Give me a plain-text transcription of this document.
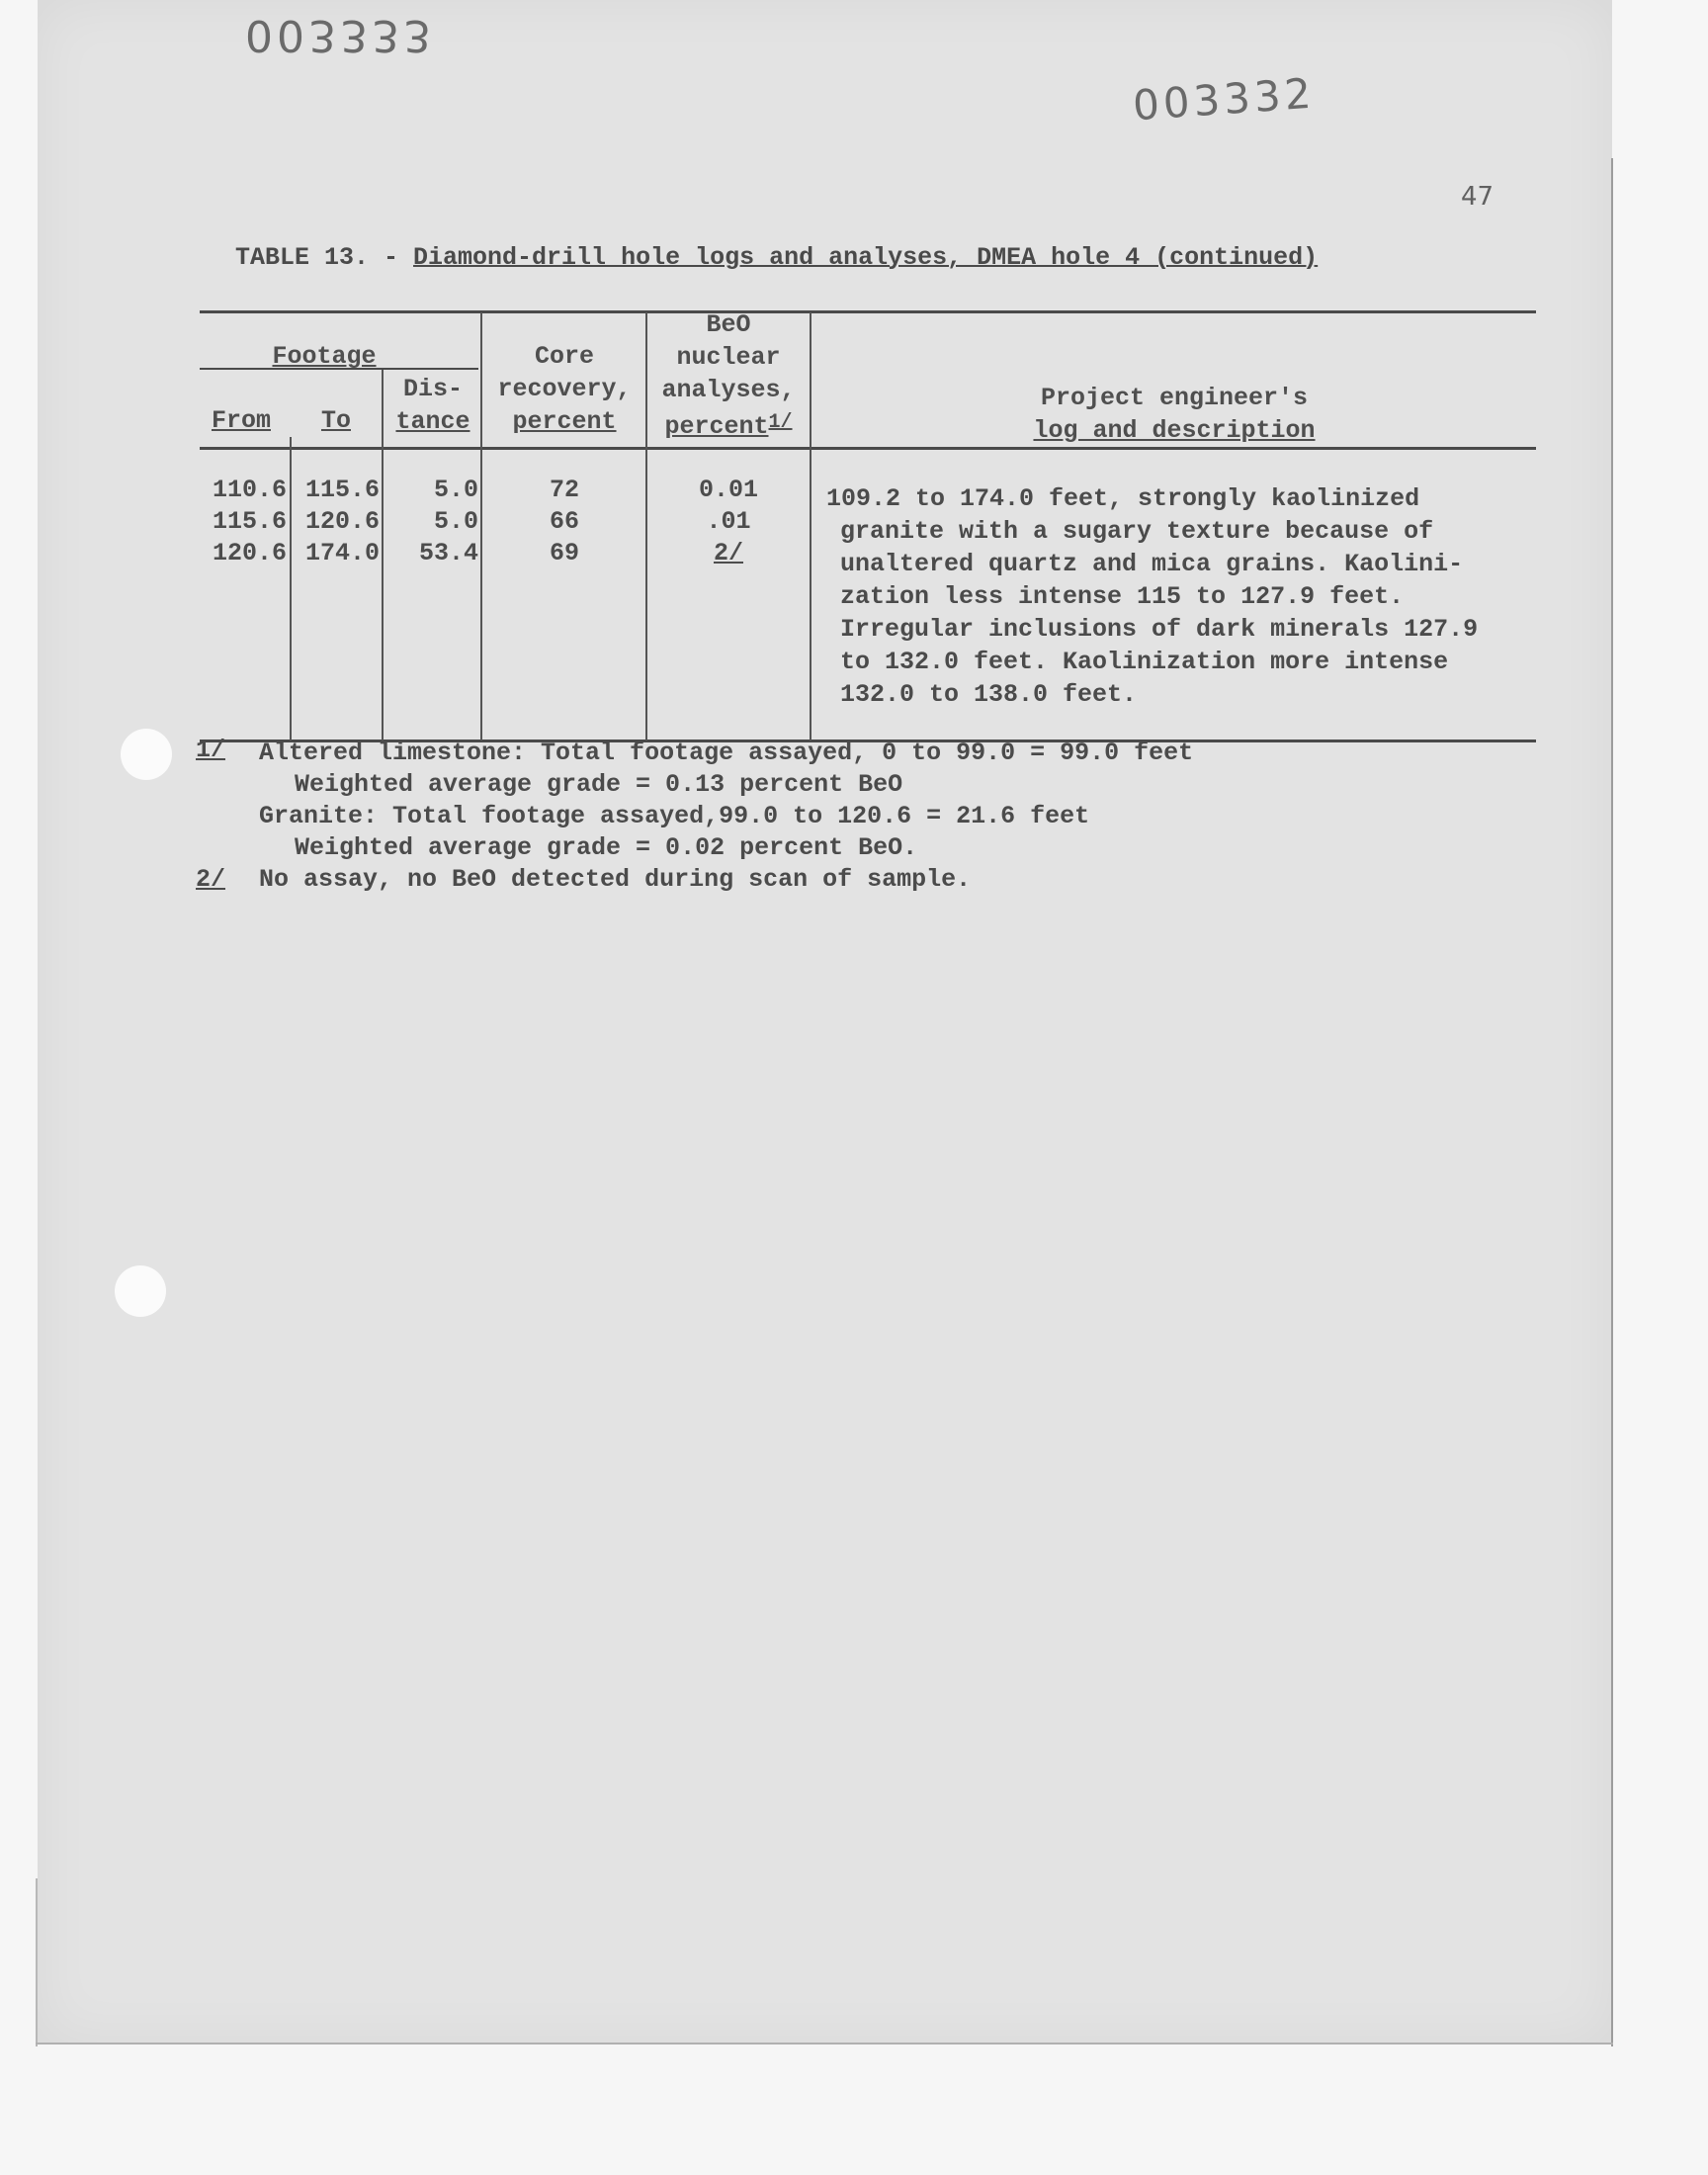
003333
003332
47
TABLE 13. - Diamond-drill hole logs and analyses, DMEA hole 4 (continued)
Footage
From	To
Dis-
tance
Core
recovery,
percent
BeO
nuclear
analyses,
percent$^{1/}$
Project engineer's
log and description
110.6 115.6	5.0	72	0.01
115.6 120.6	5.0	66	.01
120.6 174.0	53.4	69	2/
109.2 to 174.0 feet, strongly kaolinized
granite with a sugary texture because of
unaltered quartz and mica grains. Kaolini-
zation less intense 115 to 127.9 feet.
Irregular inclusions of dark minerals 127.9
to 132.0 feet. Kaolinization more intense
132.0 to 138.0 feet.
1/ Altered limestone: Total footage assayed, 0 to 99.0 = 99.0 feet
Weighted average grade = 0.13 percent BeO
Granite: Total footage assayed,99.0 to 120.6 = 21.6 feet
Weighted average grade = 0.02 percent BeO.
2/ No assay, no BeO detected during scan of sample.
